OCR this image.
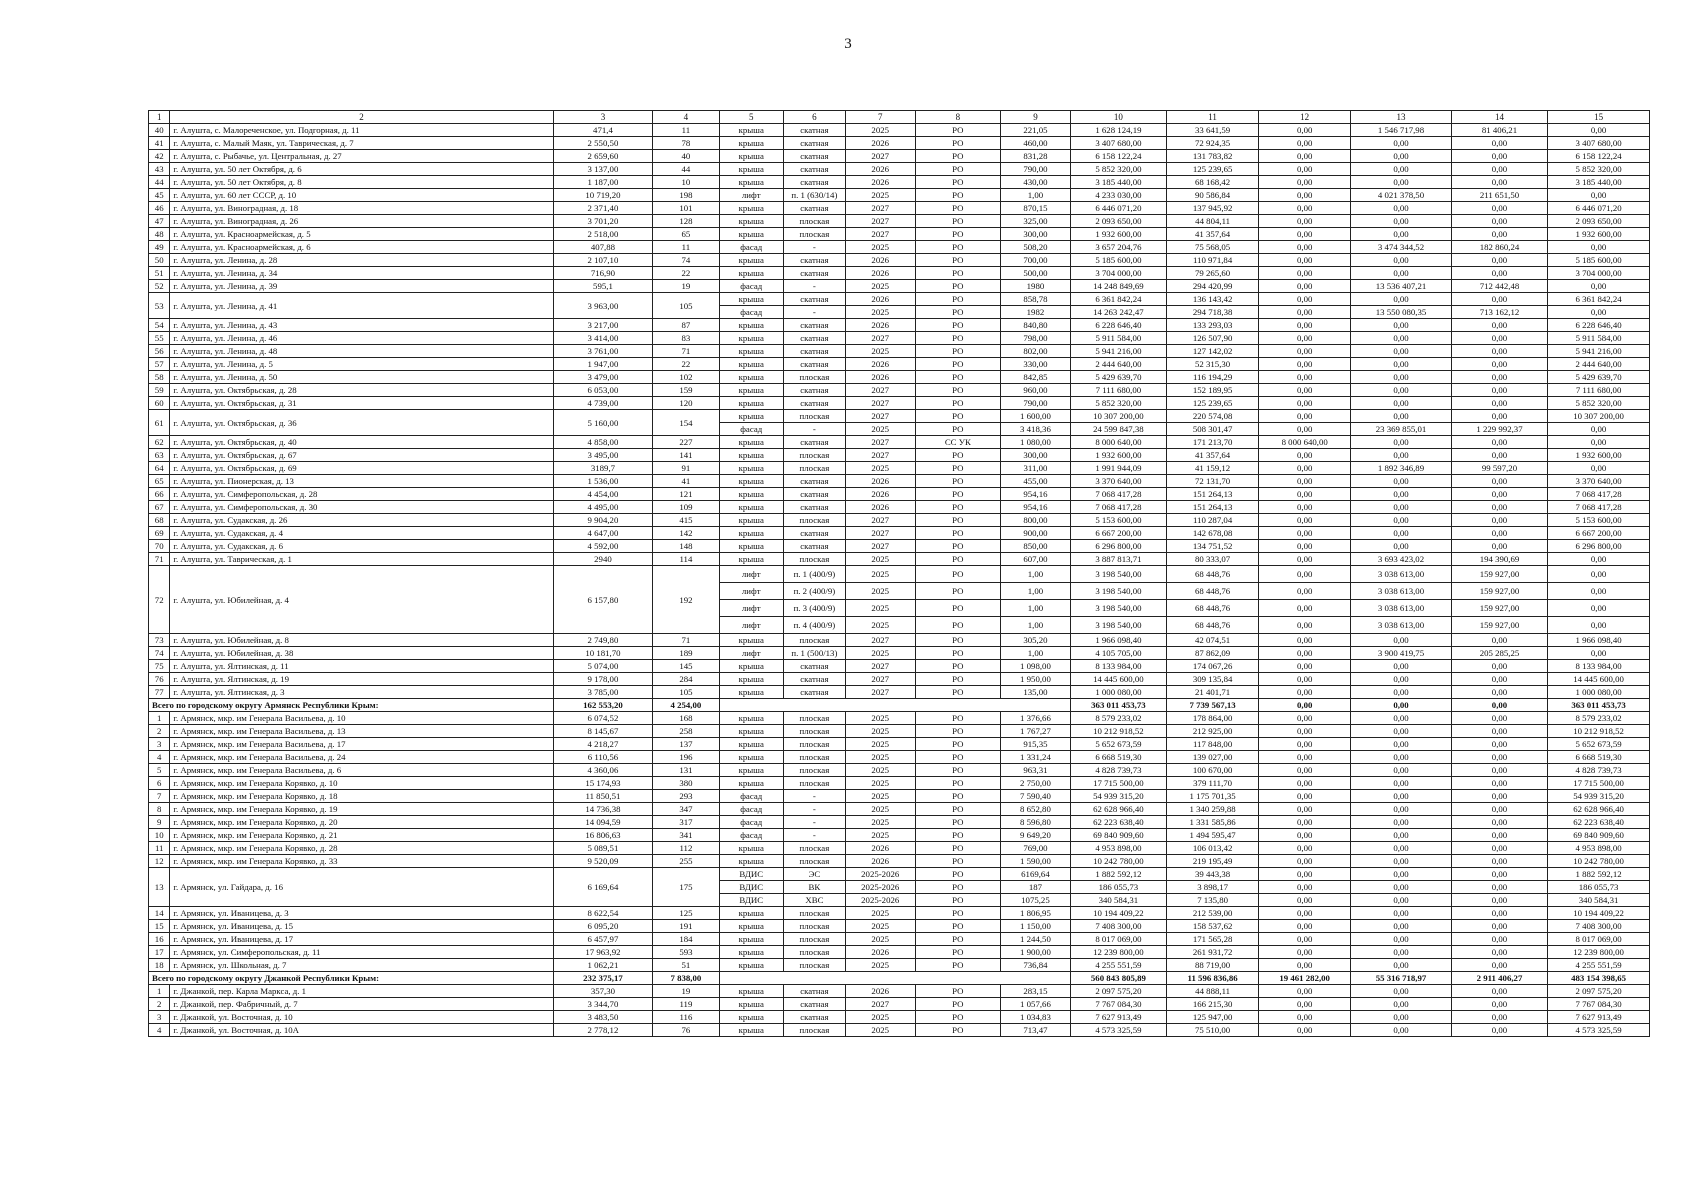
3
1	2	3	4	5	6	7	8	9	10	11	12	13	14	15
40	г. Алушта, с. Малореченское, ул. Подгорная, д. 11	471,4	11	крыша	скатная	2025	РО	221,05	1 628 124,19	33 641,59	0,00	1 546 717,98	81 406,21	0,00
41	г. Алушта, с. Малый Маяк, ул. Таврическая, д. 7	2 550,50	78	крыша	скатная	2026	РО	460,00	3 407 680,00	72 924,35	0,00	0,00	0,00	3 407 680,00
42	г. Алушта, с. Рыбачье, ул. Центральная, д. 27	2 659,60	40	крыша	скатная	2027	РО	831,28	6 158 122,24	131 783,82	0,00	0,00	0,00	6 158 122,24
43	г. Алушта, ул. 50 лет Октября, д. 6	3 137,00	44	крыша	скатная	2026	РО	790,00	5 852 320,00	125 239,65	0,00	0,00	0,00	5 852 320,00
44	г. Алушта, ул. 50 лет Октября, д. 8	1 187,00	10	крыша	скатная	2026	РО	430,00	3 185 440,00	68 168,42	0,00	0,00	0,00	3 185 440,00
45	г. Алушта, ул. 60 лет СССР, д. 10	10 719,20	198	лифт	п. 1 (630/14)	2025	РО	1,00	4 233 030,00	90 586,84	0,00	4 021 378,50	211 651,50	0,00
46	г. Алушта, ул. Виноградная, д. 18	2 371,40	101	крыша	скатная	2027	РО	870,15	6 446 071,20	137 945,92	0,00	0,00	0,00	6 446 071,20
47	г. Алушта, ул. Виноградная, д. 26	3 701,20	128	крыша	плоская	2027	РО	325,00	2 093 650,00	44 804,11	0,00	0,00	0,00	2 093 650,00
48	г. Алушта, ул. Красноармейская, д. 5	2 518,00	65	крыша	плоская	2027	РО	300,00	1 932 600,00	41 357,64	0,00	0,00	0,00	1 932 600,00
49	г. Алушта, ул. Красноармейская, д. 6	407,88	11	фасад	-	2025	РО	508,20	3 657 204,76	75 568,05	0,00	3 474 344,52	182 860,24	0,00
50	г. Алушта, ул. Ленина, д. 28	2 107,10	74	крыша	скатная	2026	РО	700,00	5 185 600,00	110 971,84	0,00	0,00	0,00	5 185 600,00
51	г. Алушта, ул. Ленина, д. 34	716,90	22	крыша	скатная	2026	РО	500,00	3 704 000,00	79 265,60	0,00	0,00	0,00	3 704 000,00
52	г. Алушта, ул. Ленина, д. 39	595,1	19	фасад	-	2025	РО	1980	14 248 849,69	294 420,99	0,00	13 536 407,21	712 442,48	0,00
53	г. Алушта, ул. Ленина, д. 41	3 963,00	105	крыша	скатная	2026	РО	858,78	6 361 842,24	136 143,42	0,00	0,00	0,00	6 361 842,24
				фасад	-	2025	РО	1982	14 263 242,47	294 718,38	0,00	13 550 080,35	713 162,12	0,00
54	г. Алушта, ул. Ленина, д. 43	3 217,00	87	крыша	скатная	2026	РО	840,80	6 228 646,40	133 293,03	0,00	0,00	0,00	6 228 646,40
55	г. Алушта, ул. Ленина, д. 46	3 414,00	83	крыша	скатная	2027	РО	798,00	5 911 584,00	126 507,90	0,00	0,00	0,00	5 911 584,00
56	г. Алушта, ул. Ленина, д. 48	3 761,00	71	крыша	скатная	2025	РО	802,00	5 941 216,00	127 142,02	0,00	0,00	0,00	5 941 216,00
57	г. Алушта, ул. Ленина, д. 5	1 947,00	22	крыша	скатная	2026	РО	330,00	2 444 640,00	52 315,30	0,00	0,00	0,00	2 444 640,00
58	г. Алушта, ул. Ленина, д. 50	3 479,00	102	крыша	плоская	2026	РО	842,85	5 429 639,70	116 194,29	0,00	0,00	0,00	5 429 639,70
59	г. Алушта, ул. Октябрьская, д. 28	6 053,00	159	крыша	скатная	2027	РО	960,00	7 111 680,00	152 189,95	0,00	0,00	0,00	7 111 680,00
60	г. Алушта, ул. Октябрьская, д. 31	4 739,00	120	крыша	скатная	2027	РО	790,00	5 852 320,00	125 239,65	0,00	0,00	0,00	5 852 320,00
61	г. Алушта, ул. Октябрьская, д. 36	5 160,00	154	крыша	плоская	2027	РО	1 600,00	10 307 200,00	220 574,08	0,00	0,00	0,00	10 307 200,00
				фасад	-	2025	РО	3 418,36	24 599 847,38	508 301,47	0,00	23 369 855,01	1 229 992,37	0,00
62	г. Алушта, ул. Октябрьская, д. 40	4 858,00	227	крыша	скатная	2027	СС УК	1 080,00	8 000 640,00	171 213,70	8 000 640,00	0,00	0,00	0,00
63	г. Алушта, ул. Октябрьская, д. 67	3 495,00	141	крыша	плоская	2027	РО	300,00	1 932 600,00	41 357,64	0,00	0,00	0,00	1 932 600,00
64	г. Алушта, ул. Октябрьская, д. 69	3189,7	91	крыша	плоская	2025	РО	311,00	1 991 944,09	41 159,12	0,00	1 892 346,89	99 597,20	0,00
65	г. Алушта, ул. Пионерская, д. 13	1 536,00	41	крыша	скатная	2026	РО	455,00	3 370 640,00	72 131,70	0,00	0,00	0,00	3 370 640,00
66	г. Алушта, ул. Симферопольская, д. 28	4 454,00	121	крыша	скатная	2026	РО	954,16	7 068 417,28	151 264,13	0,00	0,00	0,00	7 068 417,28
67	г. Алушта, ул. Симферопольская, д. 30	4 495,00	109	крыша	скатная	2026	РО	954,16	7 068 417,28	151 264,13	0,00	0,00	0,00	7 068 417,28
68	г. Алушта, ул. Судакская, д. 26	9 904,20	415	крыша	плоская	2027	РО	800,00	5 153 600,00	110 287,04	0,00	0,00	0,00	5 153 600,00
69	г. Алушта, ул. Судакская, д. 4	4 647,00	142	крыша	скатная	2027	РО	900,00	6 667 200,00	142 678,08	0,00	0,00	0,00	6 667 200,00
70	г. Алушта, ул. Судакская, д. 6	4 592,00	148	крыша	скатная	2027	РО	850,00	6 296 800,00	134 751,52	0,00	0,00	0,00	6 296 800,00
71	г. Алушта, ул. Таврическая, д. 1	2940	114	крыша	плоская	2025	РО	607,00	3 887 813,71	80 333,07	0,00	3 693 423,02	194 390,69	0,00
72	г. Алушта, ул. Юбилейная, д. 4	6 157,80	192	лифт	п. 1 (400/9)	2025	РО	1,00	3 198 540,00	68 448,76	0,00	3 038 613,00	159 927,00	0,00
				лифт	п. 2 (400/9)	2025	РО	1,00	3 198 540,00	68 448,76	0,00	3 038 613,00	159 927,00	0,00
				лифт	п. 3 (400/9)	2025	РО	1,00	3 198 540,00	68 448,76	0,00	3 038 613,00	159 927,00	0,00
				лифт	п. 4 (400/9)	2025	РО	1,00	3 198 540,00	68 448,76	0,00	3 038 613,00	159 927,00	0,00
73	г. Алушта, ул. Юбилейная, д. 8	2 749,80	71	крыша	плоская	2027	РО	305,20	1 966 098,40	42 074,51	0,00	0,00	0,00	1 966 098,40
74	г. Алушта, ул. Юбилейная, д. 38	10 181,70	189	лифт	п. 1 (500/13)	2025	РО	1,00	4 105 705,00	87 862,09	0,00	3 900 419,75	205 285,25	0,00
75	г. Алушта, ул. Ялтинская, д. 11	5 074,00	145	крыша	скатная	2027	РО	1 098,00	8 133 984,00	174 067,26	0,00	0,00	0,00	8 133 984,00
76	г. Алушта, ул. Ялтинская, д. 19	9 178,00	284	крыша	скатная	2027	РО	1 950,00	14 445 600,00	309 135,84	0,00	0,00	0,00	14 445 600,00
77	г. Алушта, ул. Ялтинская, д. 3	3 785,00	105	крыша	скатная	2027	РО	135,00	1 000 080,00	21 401,71	0,00	0,00	0,00	1 000 080,00
Всего по городскому округу Армянск Республики Крым:		162 553,20	4 254,00						363 011 453,73	7 739 567,13	0,00	0,00	0,00	363 011 453,73
1	г. Армянск, мкр. им Генерала Васильева, д. 10	6 074,52	168	крыша	плоская	2025	РО	1 376,66	8 579 233,02	178 864,00	0,00	0,00	0,00	8 579 233,02
2	г. Армянск, мкр. им Генерала Васильева, д. 13	8 145,67	258	крыша	плоская	2025	РО	1 767,27	10 212 918,52	212 925,00	0,00	0,00	0,00	10 212 918,52
3	г. Армянск, мкр. им Генерала Васильева, д. 17	4 218,27	137	крыша	плоская	2025	РО	915,35	5 652 673,59	117 848,00	0,00	0,00	0,00	5 652 673,59
4	г. Армянск, мкр. им Генерала Васильева, д. 24	6 110,56	196	крыша	плоская	2025	РО	1 331,24	6 668 519,30	139 027,00	0,00	0,00	0,00	6 668 519,30
5	г. Армянск, мкр. им Генерала Васильева, д. 6	4 360,06	131	крыша	плоская	2025	РО	963,31	4 828 739,73	100 670,00	0,00	0,00	0,00	4 828 739,73
6	г. Армянск, мкр. им Генерала Корявко, д. 10	15 174,93	380	крыша	плоская	2025	РО	2 750,00	17 715 500,00	379 111,70	0,00	0,00	0,00	17 715 500,00
7	г. Армянск, мкр. им Генерала Корявко, д. 18	11 850,51	293	фасад	-	2025	РО	7 590,40	54 939 315,20	1 175 701,35	0,00	0,00	0,00	54 939 315,20
8	г. Армянск, мкр. им Генерала Корявко, д. 19	14 736,38	347	фасад	-	2025	РО	8 652,80	62 628 966,40	1 340 259,88	0,00	0,00	0,00	62 628 966,40
9	г. Армянск, мкр. им Генерала Корявко, д. 20	14 094,59	317	фасад	-	2025	РО	8 596,80	62 223 638,40	1 331 585,86	0,00	0,00	0,00	62 223 638,40
10	г. Армянск, мкр. им Генерала Корявко, д. 21	16 806,63	341	фасад	-	2025	РО	9 649,20	69 840 909,60	1 494 595,47	0,00	0,00	0,00	69 840 909,60
11	г. Армянск, мкр. им Генерала Корявко, д. 28	5 089,51	112	крыша	плоская	2026	РО	769,00	4 953 898,00	106 013,42	0,00	0,00	0,00	4 953 898,00
12	г. Армянск, мкр. им Генерала Корявко, д. 33	9 520,09	255	крыша	плоская	2026	РО	1 590,00	10 242 780,00	219 195,49	0,00	0,00	0,00	10 242 780,00
13	г. Армянск, ул. Гайдара, д. 16	6 169,64	175	ВДИС	ЭС	2025-2026	РО	6169,64	1 882 592,12	39 443,38	0,00	0,00	0,00	1 882 592,12
				ВДИС	ВК	2025-2026	РО	187	186 055,73	3 898,17	0,00	0,00	0,00	186 055,73
				ВДИС	ХВС	2025-2026	РО	1075,25	340 584,31	7 135,80	0,00	0,00	0,00	340 584,31
14	г. Армянск, ул. Иваницева, д. 3	8 622,54	125	крыша	плоская	2025	РО	1 806,95	10 194 409,22	212 539,00	0,00	0,00	0,00	10 194 409,22
15	г. Армянск, ул. Иваницева, д. 15	6 095,20	191	крыша	плоская	2025	РО	1 150,00	7 408 300,00	158 537,62	0,00	0,00	0,00	7 408 300,00
16	г. Армянск, ул. Иваницева, д. 17	6 457,97	184	крыша	плоская	2025	РО	1 244,50	8 017 069,00	171 565,28	0,00	0,00	0,00	8 017 069,00
17	г. Армянск, ул. Симферопольская, д. 11	17 963,92	593	крыша	плоская	2026	РО	1 900,00	12 239 800,00	261 931,72	0,00	0,00	0,00	12 239 800,00
18	г. Армянск, ул. Школьная, д. 7	1 062,21	51	крыша	плоская	2025	РО	736,84	4 255 551,59	88 719,00	0,00	0,00	0,00	4 255 551,59
Всего по городскому округу Джанкой Республики Крым:		232 375,17	7 838,00						560 843 805,89	11 596 836,86	19 461 282,00	55 316 718,97	2 911 406,27	483 154 398,65
1	г. Джанкой, пер. Карла Маркса, д. 1	357,30	19	крыша	скатная	2026	РО	283,15	2 097 575,20	44 888,11	0,00	0,00	0,00	2 097 575,20
2	г. Джанкой, пер. Фабричный, д. 7	3 344,70	119	крыша	скатная	2027	РО	1 057,66	7 767 084,30	166 215,30	0,00	0,00	0,00	7 767 084,30
3	г. Джанкой, ул. Восточная, д. 10	3 483,50	116	крыша	скатная	2025	РО	1 034,83	7 627 913,49	125 947,00	0,00	0,00	0,00	7 627 913,49
4	г. Джанкой, ул. Восточная, д. 10А	2 778,12	76	крыша	плоская	2025	РО	713,47	4 573 325,59	75 510,00	0,00	0,00	0,00	4 573 325,59
